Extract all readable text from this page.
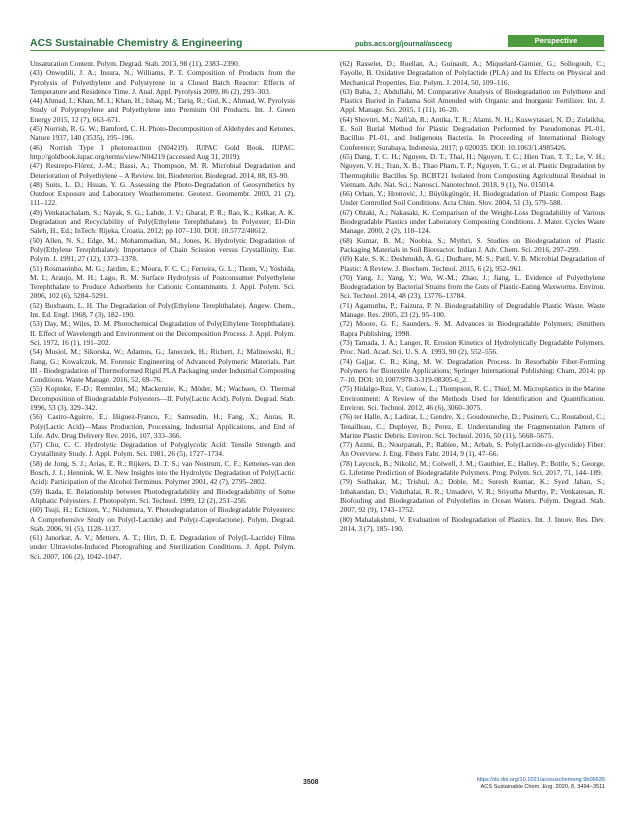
ACS Sustainable Chemistry & Engineering	pubs.acs.org/journal/ascecg	Perspective

Unsaturation Content. Polym. Degrad. Stab. 2013, 98 (11), 2383–2390.

(43) Onwudili, J. A.; Insura, N.; Williams, P. T. Composition of Products from the Pyrolysis of Polyethylene and Polystyrene in a Closed Batch Reactor: Effects of Temperature and Residence Time. J. Anal. Appl. Pyrolysis 2009, 86 (2), 293–303.

(44) Ahmad, I.; Khan, M. I.; Khan, H.; Ishaq, M.; Tariq, R.; Gul, K.; Ahmad, W. Pyrolysis Study of Polypropylene and Polyethylene into Premium Oil Products. Int. J. Green Energy 2015, 12 (7), 663–671.

(45) Norrish, R. G. W.; Bamford, C. H. Photo-Decomposition of Aldehydes and Ketones. Nature 1937, 140 (3535), 195–196.

(46) Norrish Type I photoreaction (N04219). IUPAC Gold Book. IUPAC. http://goldbook.iupac.org/terms/view/N04219 (accessed Aug 31, 2019).

(47) Restrepo-Flórez, J.-M.; Bassi, A.; Thompson, M. R. Microbial Degradation and Deterioration of Polyethylene – A Review. Int. Biodeterior. Biodegrad. 2014, 88, 83–90.

(48) Suits, L. D.; Hsuan, Y. G. Assessing the Photo-Degradation of Geosynthetics by Outdoor Exposure and Laboratory Weatherometer. Geotext. Geomembr. 2003, 21 (2), 111–122.

(49) Venkatachalam, S.; Nayak, S. G.; Labde, J. V.; Gharal, P. R.; Rao, K.; Kelkar, A. K. Degradation and Recyclability of Poly(Ethylene Terephthalate). In Polyester; El-Din Saleh, H., Ed.; InTech: Rijeka, Croatia, 2012; pp 107–130. DOI: 10.5772/48612.

(50) Allen, N. S.; Edge, M.; Mohammadian, M.; Jones, K. Hydrolytic Degradation of Poly(Ethylene Terephthalate): Importance of Chain Scission versus Crystallinity. Eur. Polym. J. 1991, 27 (12), 1373–1378.

(51) Rosmaninho, M. G.; Jardim, E.; Moura, F. C. C.; Ferreira, G. L.; Thom, V.; Yoshida, M. I.; Araujo, M. H.; Lago, R. M. Surface Hydrolysis of Postconsumer Polyethylene Terephthalate to Produce Adsorbents for Cationic Contaminants. J. Appl. Polym. Sci. 2006, 102 (6), 5284–5291.

(52) Buxbaum, L. H. The Degradation of Poly(Ethylene Terephthalate). Angew. Chem., Int. Ed. Engl. 1968, 7 (3), 182–190.

(53) Day, M.; Wiles, D. M. Photochemical Degradation of Poly(Ethylene Terephthalate). II. Effect of Wavelength and Environment on the Decomposition Process. J. Appl. Polym. Sci. 1972, 16 (1), 191–202.

(54) Musiol, M.; Sikorska, W.; Adamus, G.; Janeczek, H.; Richert, J.; Malinowski, R.; Jiang, G.; Kowalczuk, M. Forensic Engineering of Advanced Polymeric Materials. Part III - Biodegradation of Thermoformed Rigid PLA Packaging under Industrial Composting Conditions. Waste Manage. 2016, 52, 69–76.

(55) Kopinke, F.-D.; Remmler, M.; Mackenzie, K.; Möder, M.; Wachsen, O. Thermal Decomposition of Biodegradable Polyesters—II. Poly(Lactic Acid). Polym. Degrad. Stab. 1996, 53 (3), 329–342.

(56) Castro-Aguirre, E.; Iñiguez-Franco, F.; Samsudin, H.; Fang, X.; Auras, R. Poly(Lactic Acid)—Mass Production, Processing, Industrial Applications, and End of Life. Adv. Drug Delivery Rev. 2016, 107, 333–366.

(57) Chu, C. C. Hydrolytic Degradation of Polyglycolic Acid: Tensile Strength and Crystallinity Study. J. Appl. Polym. Sci. 1981, 26 (5), 1727–1734.

(58) de Jong, S. J.; Arias, E. R.; Rijkers, D. T. S.; van Nostrum, C. F.; Kettenes-van den Bosch, J. J.; Hennink, W. E. New Insights into the Hydrolytic Degradation of Poly(Lactic Acid): Participation of the Alcohol Terminus. Polymer 2001, 42 (7), 2795–2802.

(59) Ikada, E. Relationship between Photodegradability and Biodegradability of Some Aliphatic Polyesters. J. Photopolym. Sci. Technol. 1999, 12 (2), 251–256.

(60) Tsuji, H.; Echizen, Y.; Nishimura, Y. Photodegradation of Biodegradable Polyesters: A Comprehensive Study on Poly(l-Lactide) and Poly(ε-Caprolactone). Polym. Degrad. Stab. 2006, 91 (5), 1128–1137.

(61) Janorkar, A. V.; Metters, A. T.; Hirt, D. E. Degradation of Poly(L-Lactide) Films under Ultraviolet-Induced Photografting and Sterilization Conditions. J. Appl. Polym. Sci. 2007, 106 (2), 1042–1047.

(62) Rasselet, D.; Ruellan, A.; Guinault, A.; Miquelard-Garnier, G.; Sollogoub, C.; Fayolle, B. Oxidative Degradation of Polylactide (PLA) and Its Effects on Physical and Mechanical Properties. Eur. Polym. J. 2014, 50, 109–116.

(63) Baba, J.; Abdullahi, M. Comparative Analysis of Biodegradation on Polythene and Plastics Buried in Fadama Soil Amended with Organic and Inorganic Fertilizer. Int. J. Appl. Manage. Sci. 2015, 1 (11), 16–20.

(64) Shovitri, M.; Nafi'ah, R.; Antika, T. R.; Alami, N. H.; Kuswytasari, N. D.; Zulaikha, E. Soil Burial Method for Plastic Degradation Performed by Pseudomonas PL-01, Bacillus PL-01, and Indigenous Bacteria. In Proceeding of International Biology Conference; Surabaya, Indonesia, 2017; p 020035. DOI: 10.1063/1.4985426.

(65) Dang, T. C. H.; Nguyen, D. T.; Thai, H.; Nguyen, T. C.; Hien Tran, T. T.; Le, V. H.; Nguyen, V. H.; Tran, X. B.; Thao Pham, T. P.; Nguyen, T. G.; et al. Plastic Degradation by Thermophilic Bacillus Sp. BCBT21 Isolated from Composting Agricultural Residual in Vietnam. Adv. Nat. Sci.: Nanosci. Nanotechnol. 2018, 9 (1), No. 015014.

(66) Orhan, Y.; Hrenović, J.; Büyükgüngör, H. Biodegradation of Plastic Compost Bags Under Controlled Soil Conditions. Acta Chim. Slov. 2004, 51 (3), 579–588.

(67) Ohtaki, A.; Nakasaki, K. Comparison of the Weight-Loss Degradability of Various Biodegradable Plastics under Laboratory Composting Conditions. J. Mater. Cycles Waste Manage. 2000, 2 (2), 118–124.

(68) Kumar, B. M.; Noobia, S.; Mythri, S. Studies on Biodegradation of Plastic Packaging Materials in Soil Bioreactor. Indian J. Adv. Chem. Sci. 2016, 297–299.

(69) Kale, S. K.; Deshmukh, A. G.; Dudhare, M. S.; Patil, V. B. Microbial Degradation of Plastic: A Review. J. Biochem. Technol. 2015, 6 (2), 952–961.

(70) Yang, J.; Yang, Y.; Wu, W.-M.; Zhao, J.; Jiang, L. Evidence of Polyethylene Biodegradation by Bacterial Strains from the Guts of Plastic-Eating Waxworms. Environ. Sci. Technol. 2014, 48 (23), 13776–13784.

(71) Agamuthu, P.; Faizura, P. N. Biodegradability of Degradable Plastic Waste. Waste Manage. Res. 2005, 23 (2), 95–100.

(72) Moore, G. F.; Saunders, S. M. Advances in Biodegradable Polymers; iSmithers Rapra Publishing, 1998.

(73) Tamada, J. A.; Langer, R. Erosion Kinetics of Hydrolytically Degradable Polymers. Proc. Natl. Acad. Sci. U. S. A. 1993, 90 (2), 552–556.

(74) Gajjar, C. R.; King, M. W. Degradation Process. In Resorbable Fiber-Forming Polymers for Biotextile Applications; Springer International Publishing: Cham, 2014; pp 7–10. DOI: 10.1007/978-3-319-08305-6_2.

(75) Hidalgo-Ruz, V.; Gutow, L.; Thompson, R. C.; Thiel, M. Microplastics in the Marine Environment: A Review of the Methods Used for Identification and Quantification. Environ. Sci. Technol. 2012, 46 (6), 3060–3075.

(76) ter Halle, A.; Ladirat, L.; Gendre, X.; Goudouneche, D.; Pusineri, C.; Routaboul, C.; Tenailleau, C.; Duployer, B.; Perez, E. Understanding the Fragmentation Pattern of Marine Plastic Debris. Environ. Sci. Technol. 2016, 50 (11), 5668–5675.

(77) Azimi, B.; Nourpanah, P.; Rabiee, M.; Arbab, S. Poly(Lactide-co-glycolide) Fiber: An Overview. J. Eng. Fibers Fabr. 2014, 9 (1), 47–66.

(78) Laycock, B.; Nikolić, M.; Colwell, J. M.; Gauthier, E.; Halley, P.; Bottle, S.; George, G. Lifetime Prediction of Biodegradable Polymers. Prog. Polym. Sci. 2017, 71, 144–189.

(79) Sudhakar, M.; Trishul, A.; Doble, M.; Suresh Kumar, K.; Syed Jahan, S.; Inbakandan, D.; Viduthalai, R. R.; Umadevi, V. R.; Sriyutha Murthy, P.; Venkatesan, R. Biofouling and Biodegradation of Polyolefins in Ocean Waters. Polym. Degrad. Stab. 2007, 92 (9), 1743–1752.

(80) Mahalakshmi, V. Evaluation of Biodegradation of Plastics. Int. J. Innov. Res. Dev. 2014, 3 (7), 185–190.

3508	https://dx.doi.org/10.1021/acssuschemeng.9b06635
ACS Sustainable Chem. Eng. 2020, 8, 3494−3511
